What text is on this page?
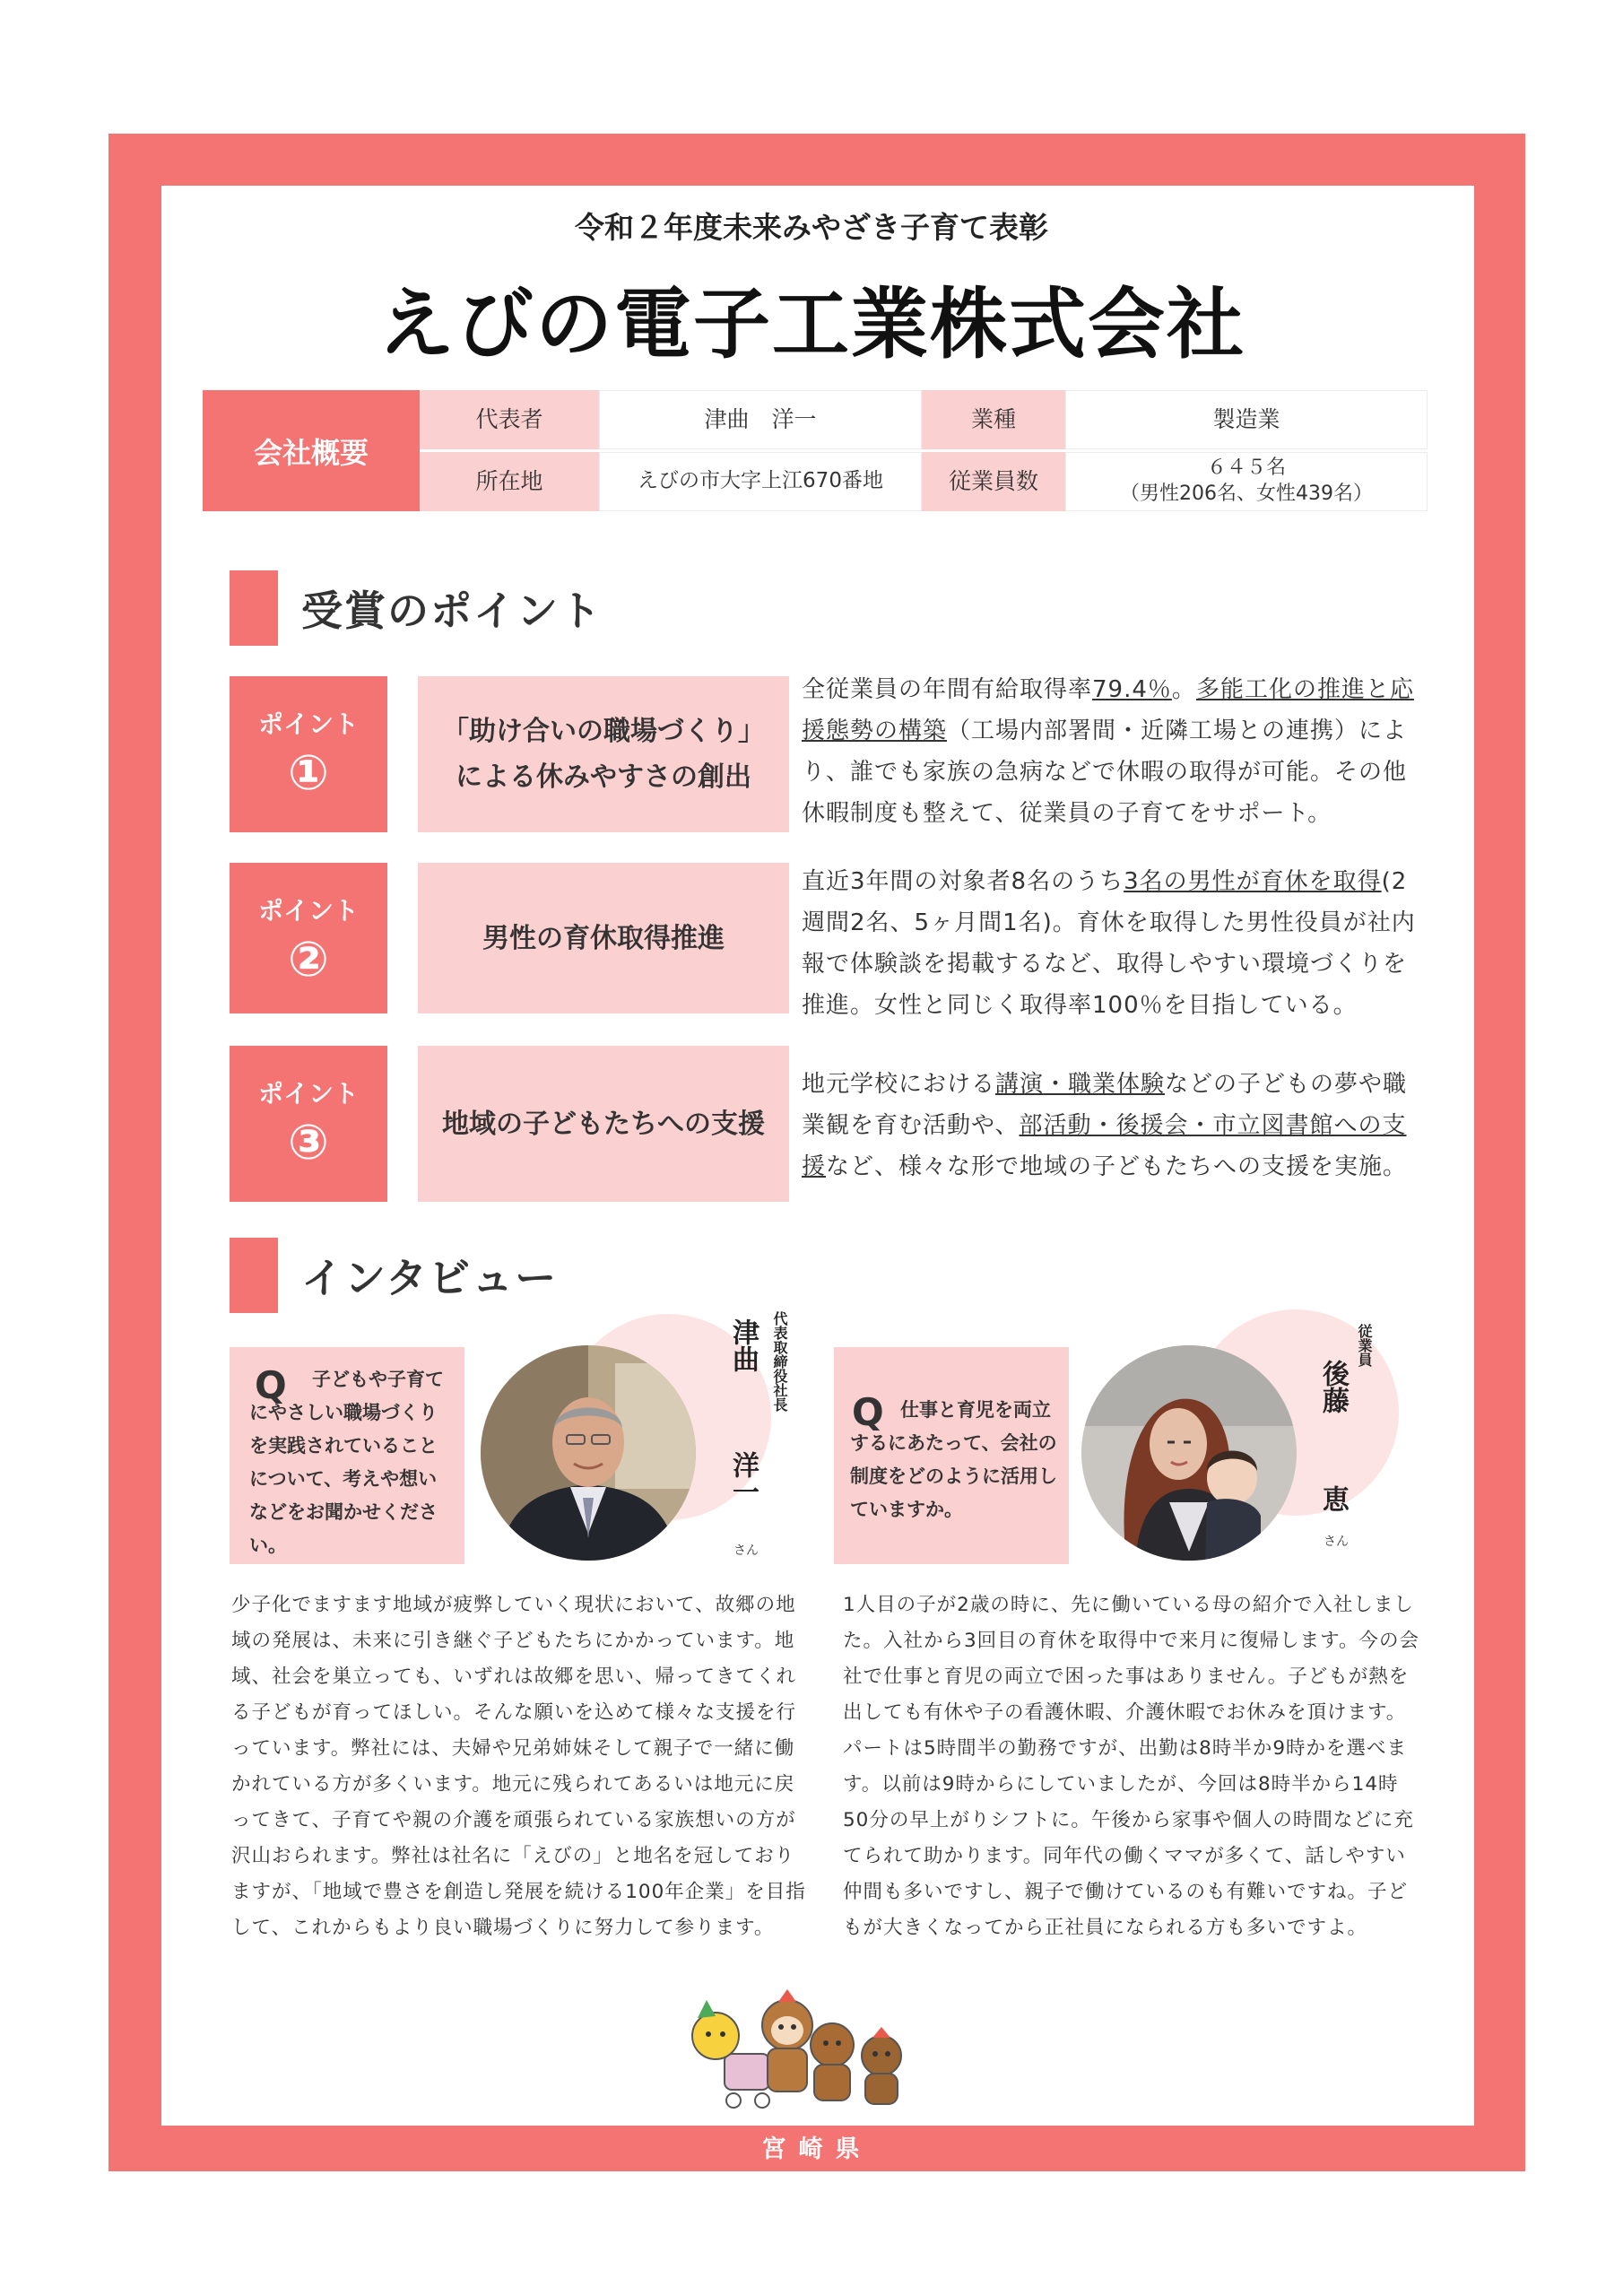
宮崎県
令和２年度未来みやざき子育て表彰
えびの電子工業株式会社
会社概要
代表者	津曲　洋一	業種	製造業
所在地	えびの市大字上江670番地	従業員数	６４５名
（男性206名、女性439名）
受賞のポイント
ポイント
①
「助け合いの職場づくり」
による休みやすさの創出
全従業員の年間有給取得率79.4％。多能工化の推進と応援態勢の構築（工場内部署間・近隣工場との連携）により、誰でも家族の急病などで休暇の取得が可能。その他休暇制度も整えて、従業員の子育てをサポート。
ポイント
②	男性の育休取得推進
直近3年間の対象者8名のうち3名の男性が育休を取得(2週間2名、5ヶ月間1名)。育休を取得した男性役員が社内報で体験談を掲載するなど、取得しやすい環境づくりを推進。女性と同じく取得率100％を目指している。
ポイント
③	地域の子どもたちへの支援
地元学校における講演・職業体験などの子どもの夢や職業観を育む活動や、部活動・後援会・市立図書館への支援など、様々な形で地域の子どもたちへの支援を実施。
インタビュー
Q	子どもや子育てにやさしい職場づくりを実践されていることについて、考えや想いなどをお聞かせください。
津曲
洋一
代表取締役社長
さん
少子化でますます地域が疲弊していく現状において、故郷の地域の発展は、未来に引き継ぐ子どもたちにかかっています。地域、社会を巣立っても、いずれは故郷を思い、帰ってきてくれる子どもが育ってほしい。そんな願いを込めて様々な支援を行っています。弊社には、夫婦や兄弟姉妹そして親子で一緒に働かれている方が多くいます。地元に残られてあるいは地元に戻ってきて、子育てや親の介護を頑張られている家族想いの方が沢山おられます。弊社は社名に「えびの」と地名を冠しておりますが、「地域で豊さを創造し発展を続ける100年企業」を目指して、これからもより良い職場づくりに努力して参ります。
Q 仕事と育児を両立するにあたって、会社の制度をどのように活用していますか。
従業員
後藤
恵
さん
1人目の子が2歳の時に、先に働いている母の紹介で入社しました。入社から3回目の育休を取得中で来月に復帰します。今の会社で仕事と育児の両立で困った事はありません。子どもが熱を出しても有休や子の看護休暇、介護休暇でお休みを頂けます。パートは5時間半の勤務ですが、出勤は8時半か9時かを選べます。以前は9時からにしていましたが、今回は8時半から14時50分の早上がりシフトに。午後から家事や個人の時間などに充てられて助かります。同年代の働くママが多くて、話しやすい仲間も多いですし、親子で働けているのも有難いですね。子どもが大きくなってから正社員になられる方も多いですよ。
